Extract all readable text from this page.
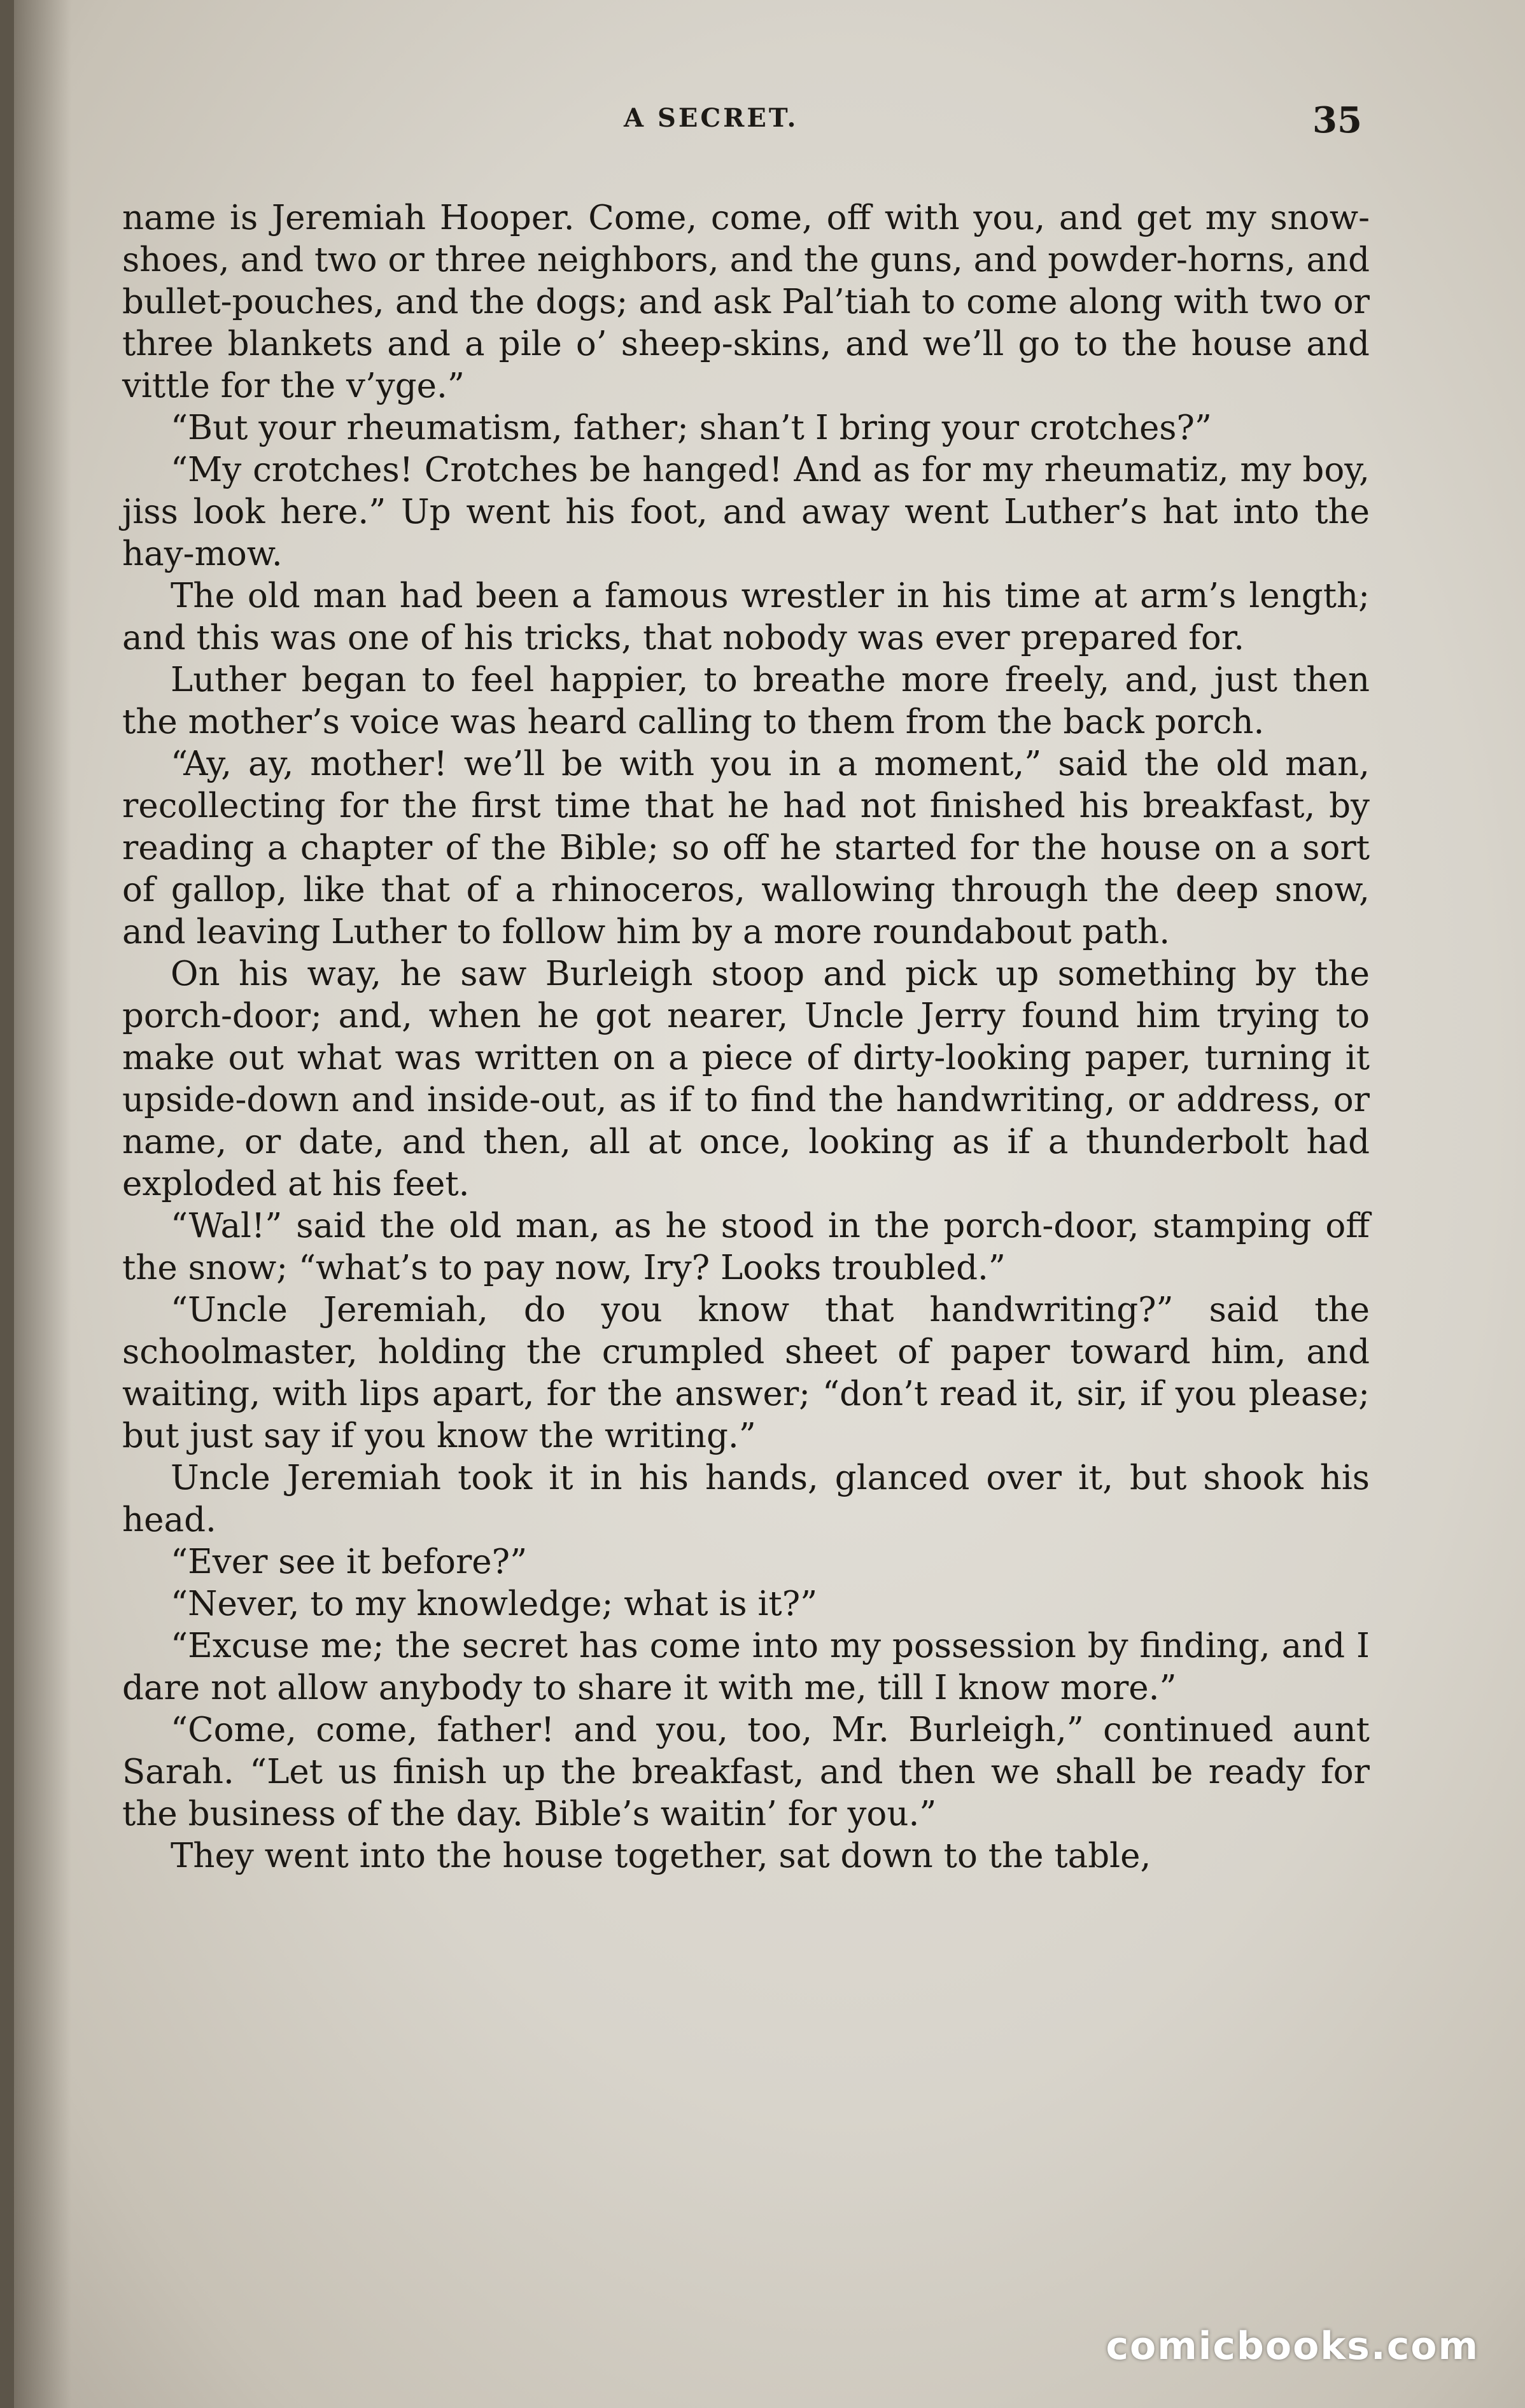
A SECRET.	35

name is Jeremiah Hooper. Come, come, off with you, and get my snow-shoes, and two or three neighbors, and the guns, and powder-horns, and bullet-pouches, and the dogs; and ask Pal’tiah to come along with two or three blankets and a pile o’ sheep-skins, and we’ll go to the house and vittle for the v’yge.”

“But your rheumatism, father; shan’t I bring your crotches?”

“My crotches! Crotches be hanged! And as for my rheumatiz, my boy, jiss look here.” Up went his foot, and away went Luther’s hat into the hay-mow.

The old man had been a famous wrestler in his time at arm’s length; and this was one of his tricks, that nobody was ever prepared for.

Luther began to feel happier, to breathe more freely, and, just then the mother’s voice was heard calling to them from the back porch.

“Ay, ay, mother! we’ll be with you in a moment,” said the old man, recollecting for the first time that he had not finished his breakfast, by reading a chapter of the Bible; so off he started for the house on a sort of gallop, like that of a rhinoceros, wallowing through the deep snow, and leaving Luther to follow him by a more roundabout path.

On his way, he saw Burleigh stoop and pick up something by the porch-door; and, when he got nearer, Uncle Jerry found him trying to make out what was written on a piece of dirty-looking paper, turning it upside-down and inside-out, as if to find the handwriting, or address, or name, or date, and then, all at once, looking as if a thunderbolt had exploded at his feet.

“Wal!” said the old man, as he stood in the porch-door, stamping off the snow; “what’s to pay now, Iry? Looks troubled.”

“Uncle Jeremiah, do you know that handwriting?” said the schoolmaster, holding the crumpled sheet of paper toward him, and waiting, with lips apart, for the answer; “don’t read it, sir, if you please; but just say if you know the writing.”

Uncle Jeremiah took it in his hands, glanced over it, but shook his head.

“Ever see it before?”

“Never, to my knowledge; what is it?”

“Excuse me; the secret has come into my possession by finding, and I dare not allow anybody to share it with me, till I know more.”

“Come, come, father! and you, too, Mr. Burleigh,” continued aunt Sarah. “Let us finish up the breakfast, and then we shall be ready for the business of the day. Bible’s waitin’ for you.”

They went into the house together, sat down to the table,

comicbooks.com
